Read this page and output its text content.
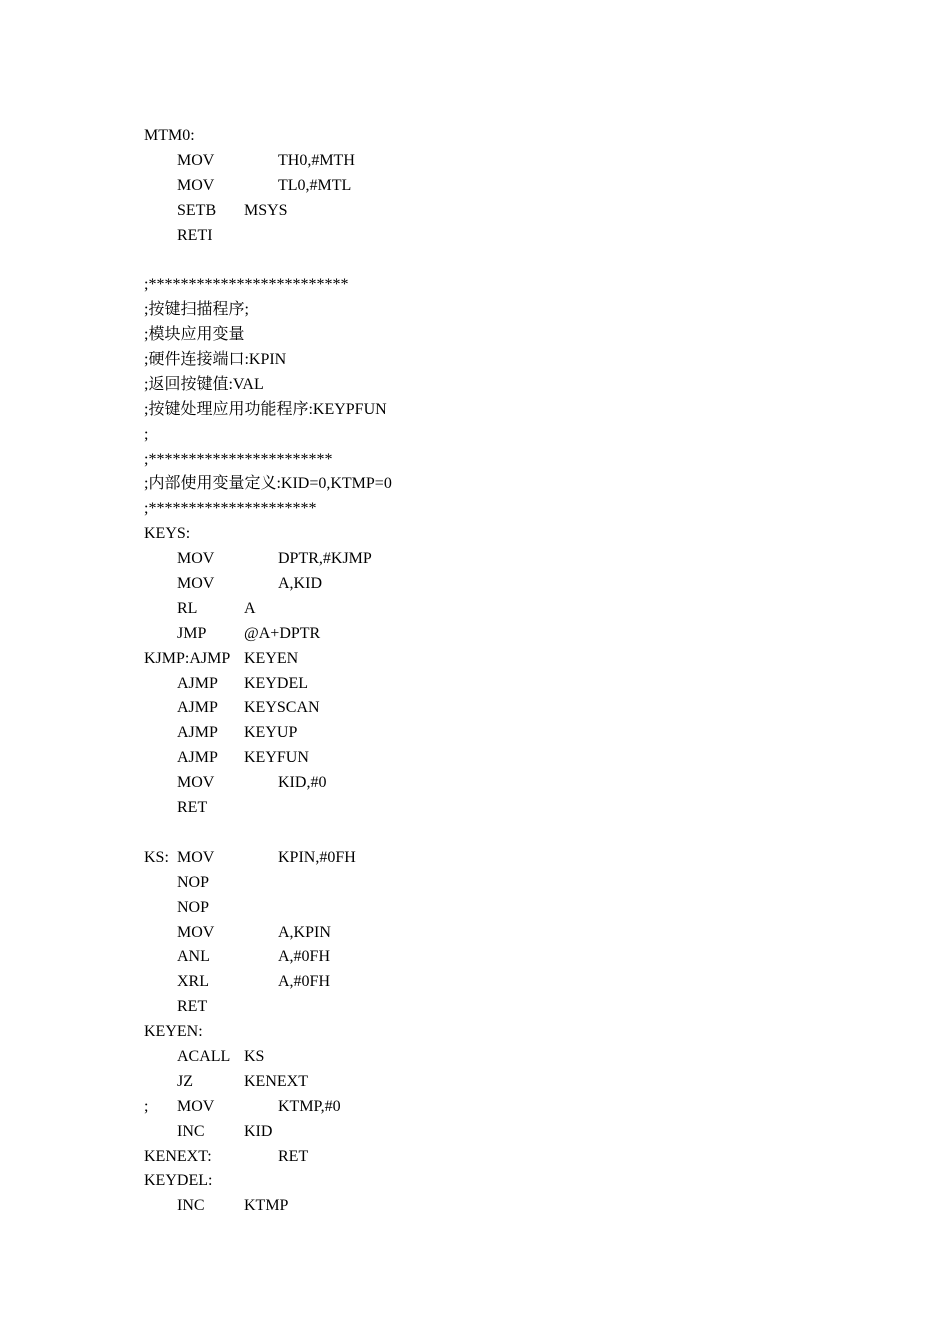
MTM0:
MOV	TH0,#MTH
MOV	TL0,#MTL
SETB MSYS
RETI
;*************************
;按键扫描程序;
;模块应用变量
;硬件连接端口:KPIN
;返回按键值:VAL
;按键处理应用功能程序:KEYPFUN
;
;***********************
;内部使用变量定义:KID=0,KTMP=0
;*********************
KEYS:
MOV	DPTR,#KJMP
MOV	A,KID
RL	A
JMP @A+DPTR
KJMP:AJMP KEYEN
AJMP KEYDEL
AJMP KEYSCAN
AJMP KEYUP
AJMP KEYFUN
MOV	KID,#0
RET
KS: MOV	KPIN,#0FH
NOP
NOP
MOV	A,KPIN
ANL	A,#0FH
XRL	A,#0FH
RET
KEYEN:
ACALL KS
JZ	KENEXT
; MOV	KTMP,#0
INC KID
KENEXT:	RET
KEYDEL:
INC KTMP
